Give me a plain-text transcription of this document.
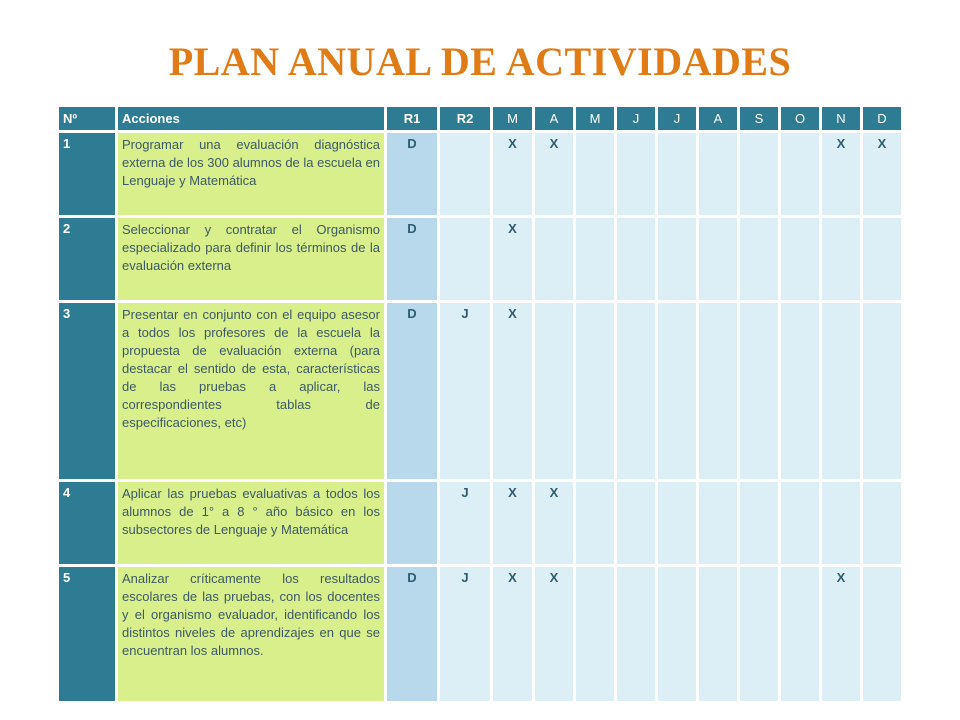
PLAN ANUAL DE ACTIVIDADES
Nº	Acciones	R1	R2	M	A	M	J	J	A	S	O	N	D
1	Programar una evaluación diagnóstica externa de los 300 alumnos de la escuela en Lenguaje y Matemática	D		X	X							X	X
2	Seleccionar y contratar el Organismo especializado para definir los términos de la evaluación externa	D		X									
3	Presentar en conjunto con el equipo asesor a todos los profesores de la escuela la propuesta de evaluación externa (para destacar el sentido de esta, características de las pruebas a aplicar, las correspondientes tablas de especificaciones, etc)	D	J	X									
4	Aplicar las pruebas evaluativas a todos los alumnos de 1° a 8 ° año básico en los subsectores de Lenguaje y Matemática		J	X	X								
5	Analizar críticamente los resultados escolares de las pruebas, con los docentes y el organismo evaluador, identificando los distintos niveles de aprendizajes en que se encuentran los alumnos.	D	J	X	X							X	
